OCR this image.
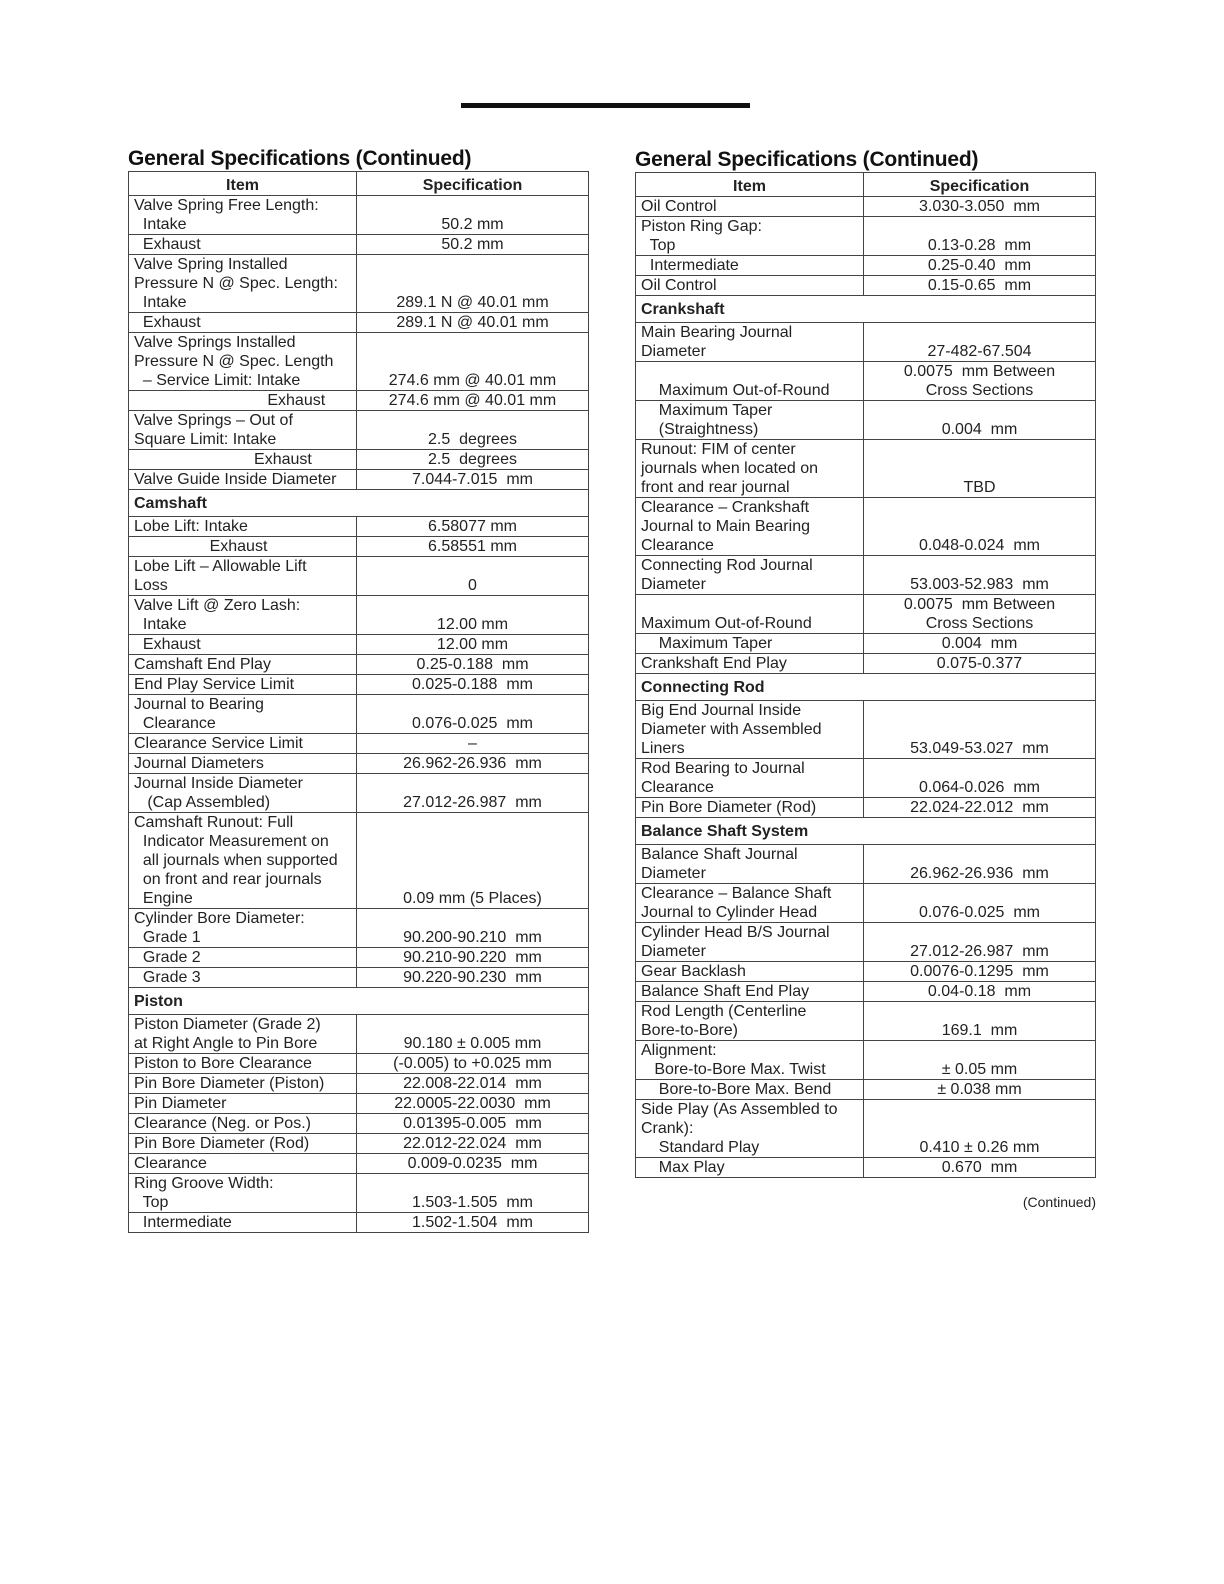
General Specifications (Continued)
Item	Specification

Valve Spring Free Length:
Intake	50.2 mm

Exhaust	50.2 mm

Valve Spring Installed
Pressure N @ Spec. Length:
Intake	289.1 N @ 40.01 mm

Exhaust	289.1 N @ 40.01 mm

Valve Springs Installed
Pressure N @ Spec. Length
– Service Limit: Intake	274.6 mm @ 40.01 mm

Exhaust	274.6 mm @ 40.01 mm

Valve Springs – Out of
Square Limit: Intake	2.5  degrees

Exhaust	2.5  degrees

Valve Guide Inside Diameter	7.044-7.015  mm

Camshaft	

Lobe Lift: Intake	6.58077 mm

Exhaust	6.58551 mm

Lobe Lift – Allowable Lift
Loss	0

Valve Lift @ Zero Lash:
Intake	12.00 mm

Exhaust	12.00 mm

Camshaft End Play	0.25-0.188  mm

End Play Service Limit	0.025-0.188  mm

Journal to Bearing
Clearance	0.076-0.025  mm

Clearance Service Limit	–

Journal Diameters	26.962-26.936  mm

Journal Inside Diameter
(Cap Assembled)	27.012-26.987  mm

Camshaft Runout: Full
Indicator Measurement on
all journals when supported
on front and rear journals
Engine	0.09 mm (5 Places)

Cylinder Bore Diameter:
Grade 1	90.200-90.210  mm

Grade 2	90.210-90.220  mm

Grade 3	90.220-90.230  mm

Piston	

Piston Diameter (Grade 2)
at Right Angle to Pin Bore	90.180 ± 0.005 mm

Piston to Bore Clearance	(-0.005) to +0.025 mm

Pin Bore Diameter (Piston)	22.008-22.014  mm

Pin Diameter	22.0005-22.0030  mm

Clearance (Neg. or Pos.)	0.01395-0.005  mm

Pin Bore Diameter (Rod)	22.012-22.024  mm

Clearance	0.009-0.0235  mm

Ring Groove Width:
Top	1.503-1.505  mm

Intermediate	1.502-1.504  mm
General Specifications (Continued)
Item	Specification

Oil Control	3.030-3.050  mm

Piston Ring Gap:
Top	0.13-0.28  mm

Intermediate	0.25-0.40  mm

Oil Control	0.15-0.65  mm

Crankshaft	

Main Bearing Journal
Diameter	27-482-67.504

Maximum Out-of-Round	0.0075  mm Between
Cross Sections

Maximum Taper
(Straightness)	0.004  mm

Runout: FIM of center
journals when located on
front and rear journal	TBD

Clearance – Crankshaft
Journal to Main Bearing
Clearance	0.048-0.024  mm

Connecting Rod Journal
Diameter	53.003-52.983  mm

Maximum Out-of-Round	0.0075  mm Between
Cross Sections

Maximum Taper	0.004  mm

Crankshaft End Play	0.075-0.377

Connecting Rod	

Big End Journal Inside
Diameter with Assembled
Liners	53.049-53.027  mm

Rod Bearing to Journal
Clearance	0.064-0.026  mm

Pin Bore Diameter (Rod)	22.024-22.012  mm

Balance Shaft System	

Balance Shaft Journal
Diameter	26.962-26.936  mm

Clearance – Balance Shaft
Journal to Cylinder Head	0.076-0.025  mm

Cylinder Head B/S Journal
Diameter	27.012-26.987  mm

Gear Backlash	0.0076-0.1295  mm

Balance Shaft End Play	0.04-0.18  mm

Rod Length (Centerline
Bore-to-Bore)	169.1  mm

Alignment:
Bore-to-Bore Max. Twist	± 0.05 mm

Bore-to-Bore Max. Bend	± 0.038 mm

Side Play (As Assembled to
Crank):
Standard Play	0.410 ± 0.26 mm

Max Play	0.670  mm
(Continued)
